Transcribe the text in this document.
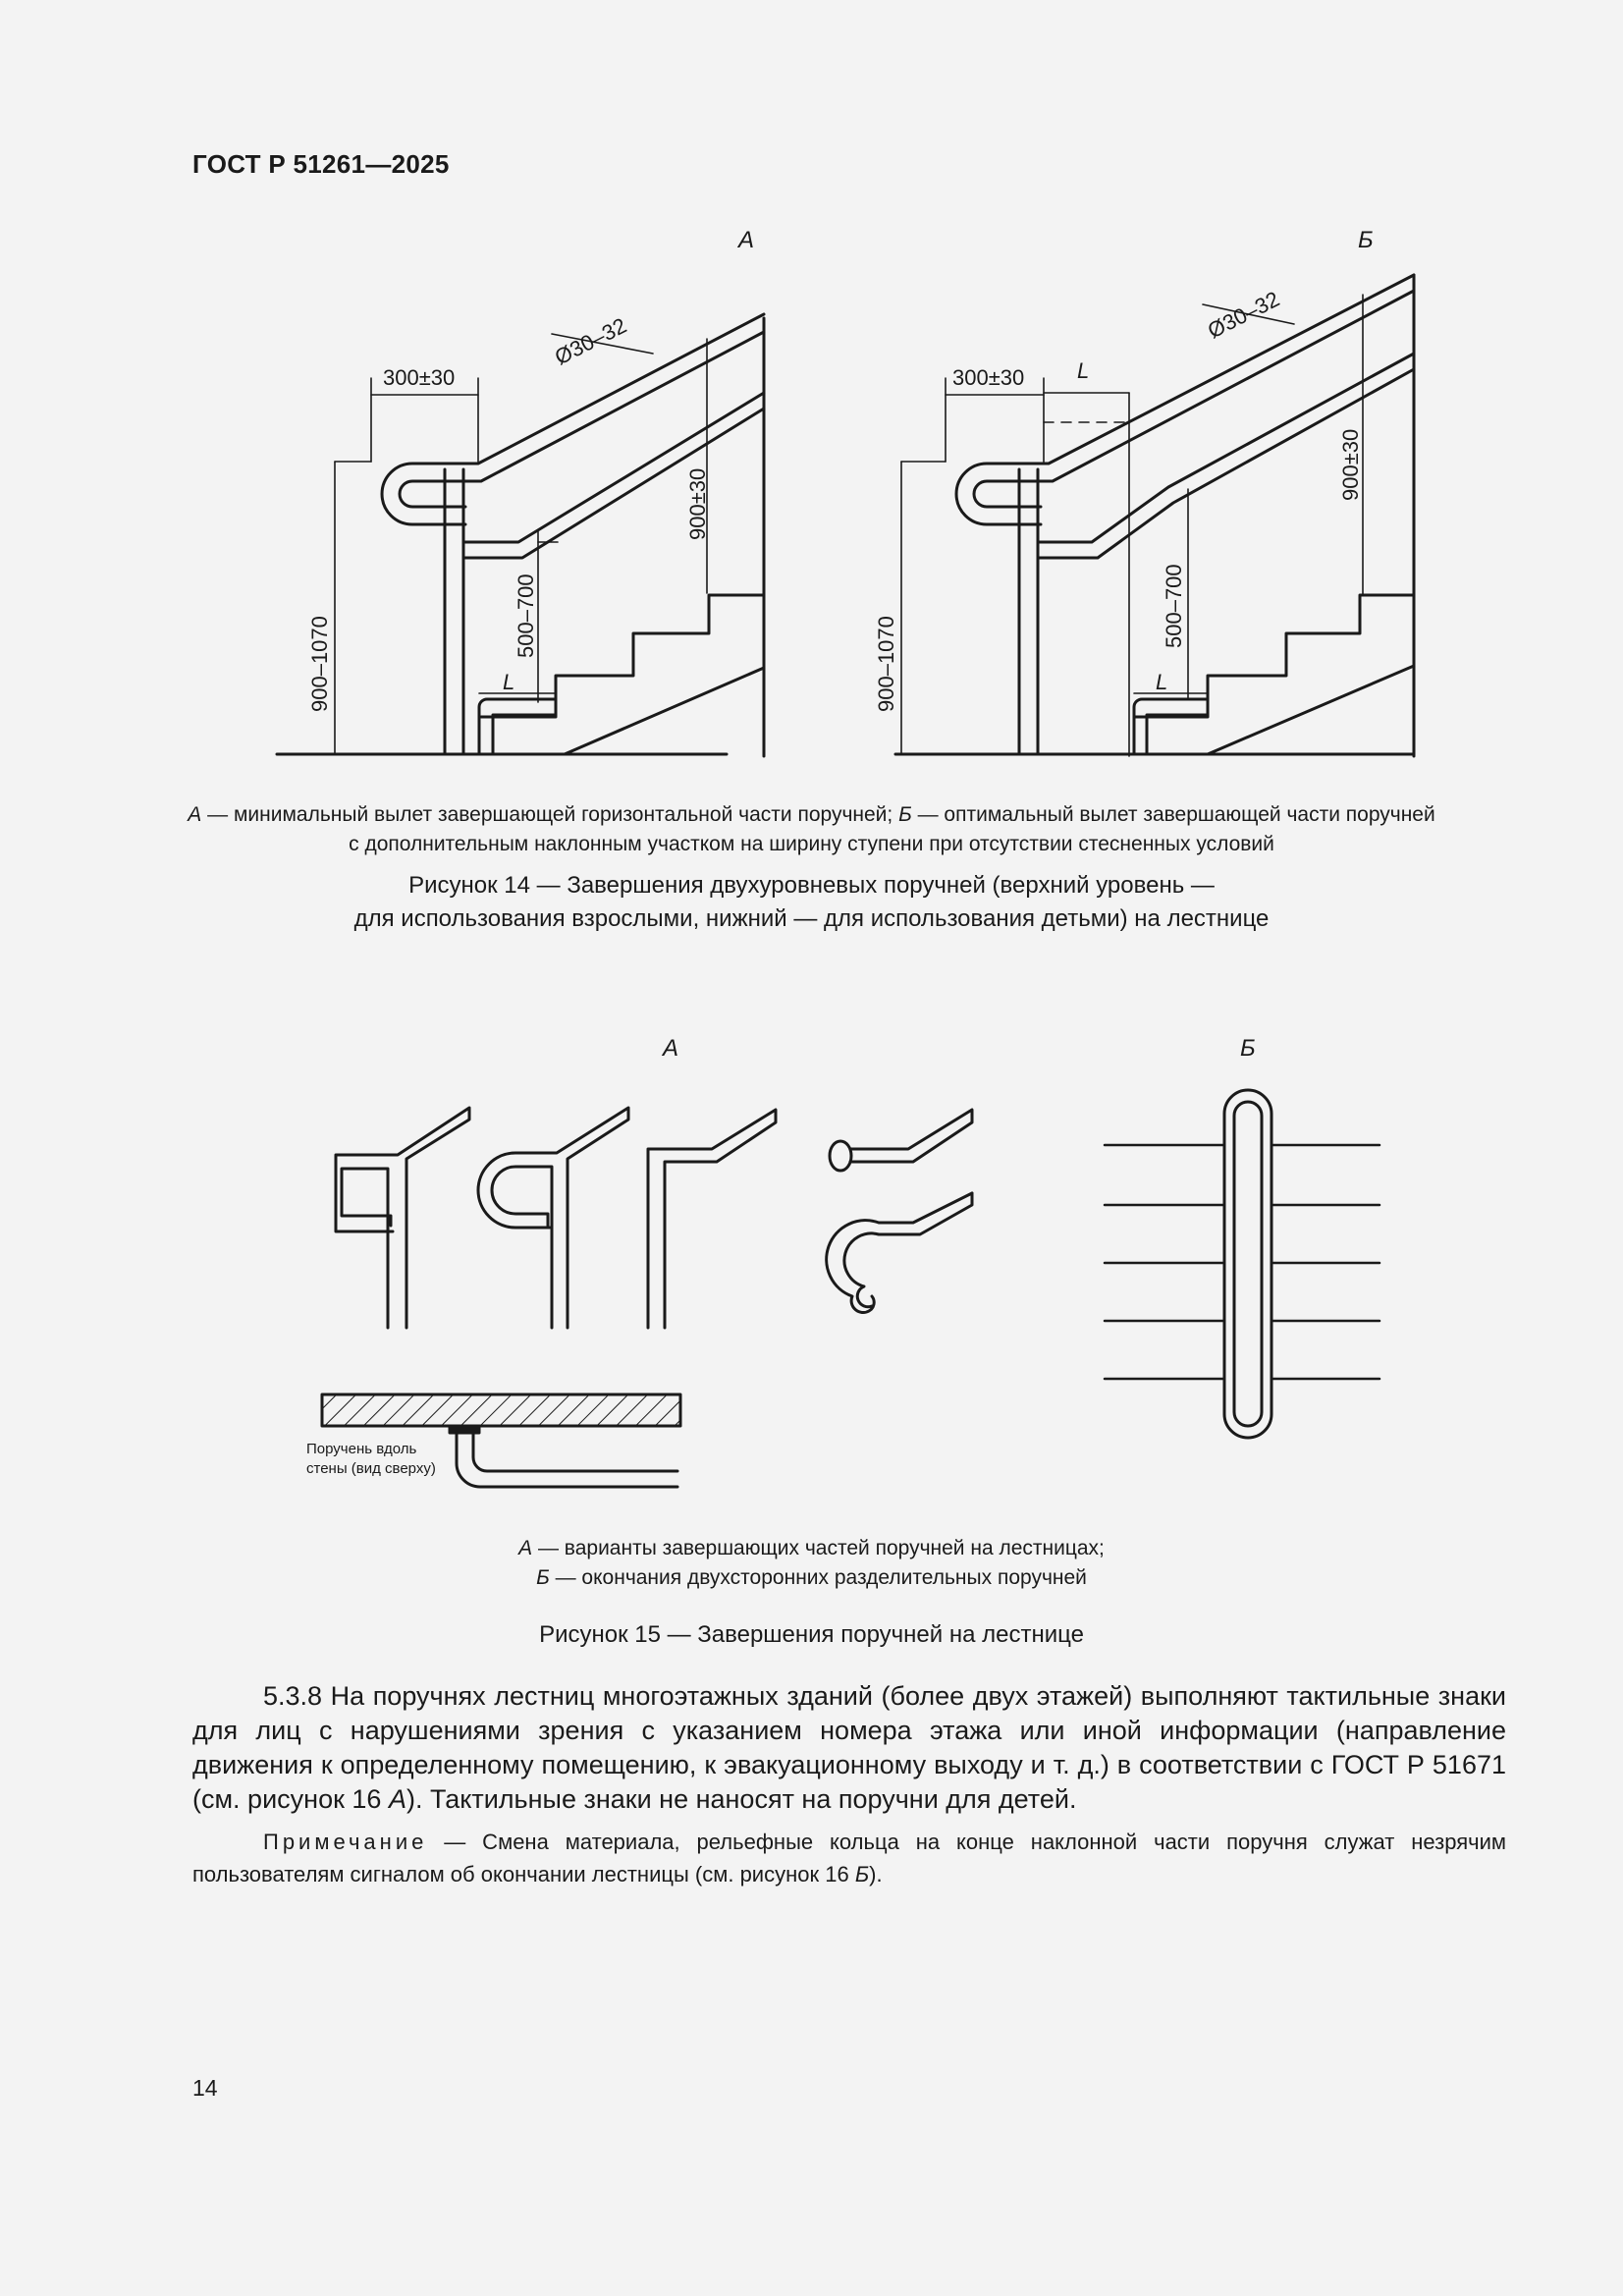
ГОСТ Р 51261—2025
А	Б
300±30
Ø30–32
900±30
500–700
900–1070	L
300±30 L
Ø30–32
900±30
500–700
900–1070	L
А — минимальный вылет завершающей горизонтальной части поручней; Б — оптимальный вылет завершающей части поручней
с дополнительным наклонным участком на ширину ступени при отсутствии стесненных условий
Рисунок 14 — Завершения двухуровневых поручней (верхний уровень —
для использования взрослыми, нижний — для использования детьми) на лестнице
А	Б
Поручень вдоль
стены (вид сверху)
А — варианты завершающих частей поручней на лестницах;
Б — окончания двухсторонних разделительных поручней
Рисунок 15 — Завершения поручней на лестнице
5.3.8 На поручнях лестниц многоэтажных зданий (более двух этажей) выполняют тактильные знаки для лиц с нарушениями зрения с указанием номера этажа или иной информации (направление движения к определенному помещению, к эвакуационному выходу и т. д.) в соответствии с ГОСТ Р 51671 (см. рисунок 16 А). Тактильные знаки не наносят на поручни для детей.
Примечание — Смена материала, рельефные кольца на конце наклонной части поручня служат незрячим пользователям сигналом об окончании лестницы (см. рисунок 16 Б).
14
